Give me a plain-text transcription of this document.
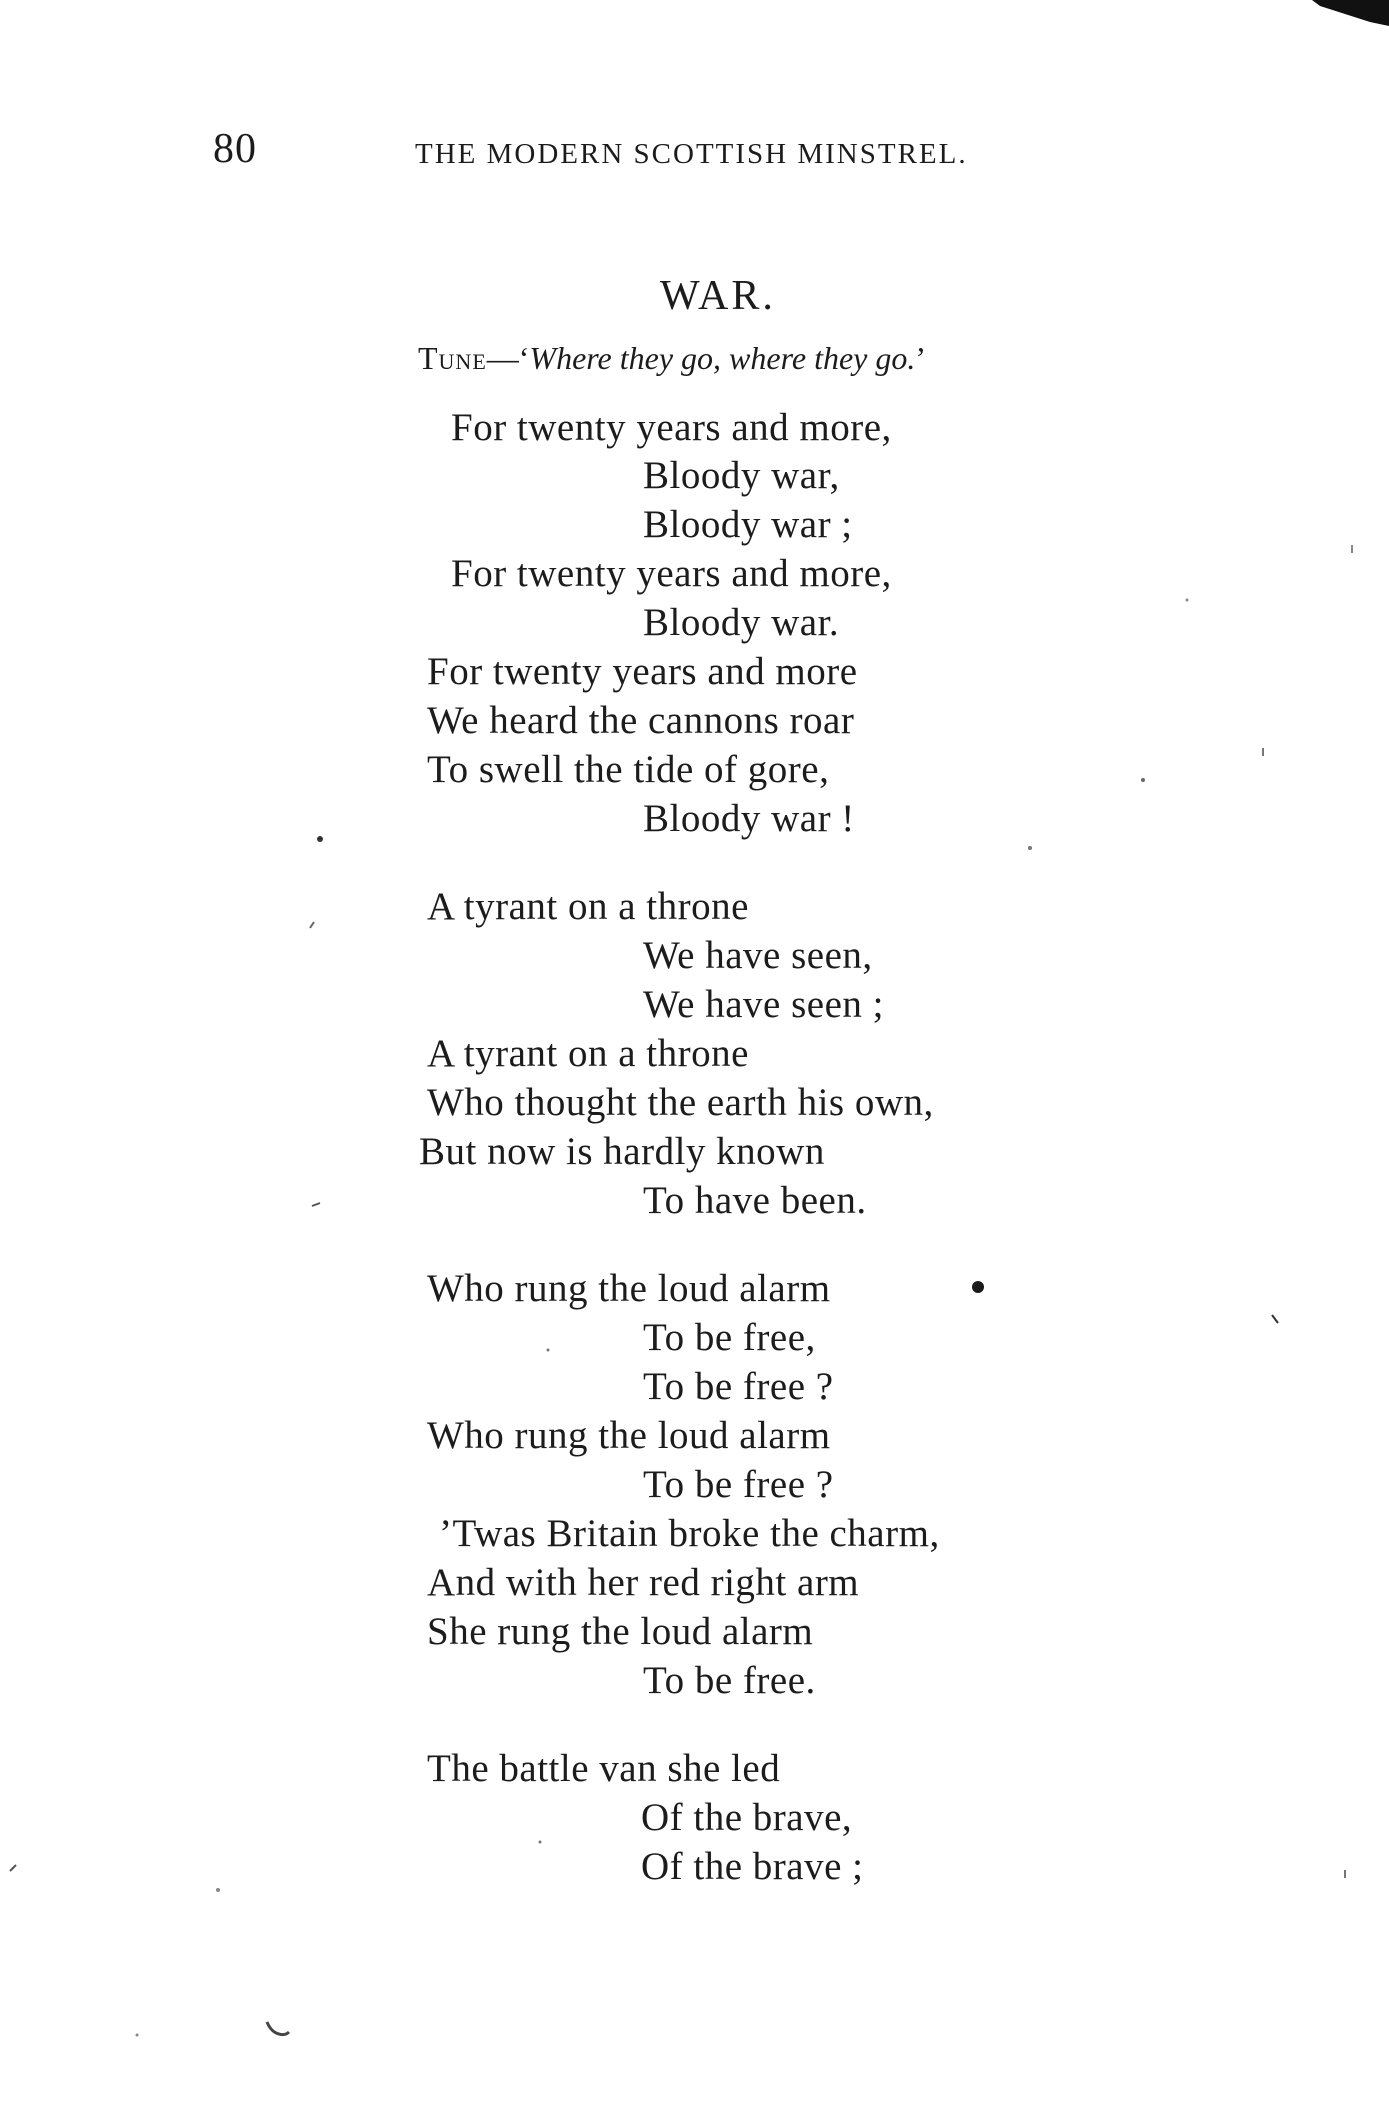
80	THE MODERN SCOTTISH MINSTREL.
WAR.
Tune—‘Where they go, where they go.’
For twenty years and more,
Bloody war,
Bloody war ;
For twenty years and more,
Bloody war.
For twenty years and more
We heard the cannons roar
To swell the tide of gore,
Bloody war !
A tyrant on a throne
We have seen,
We have seen ;
A tyrant on a throne
Who thought the earth his own,
But now is hardly known
To have been.
Who rung the loud alarm
To be free,
To be free ?
Who rung the loud alarm
To be free ?
’Twas Britain broke the charm,
And with her red right arm
She rung the loud alarm
To be free.
The battle van she led
Of the brave,
Of the brave ;
